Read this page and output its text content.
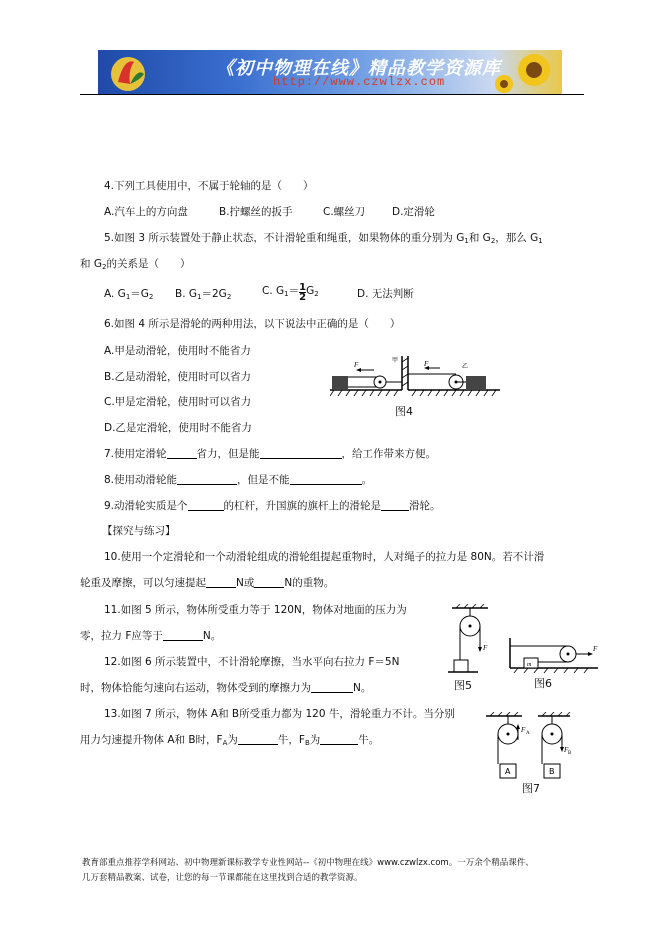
《初中物理在线》精品教学资源库
http://www.czwlzx.com
4.下列工具使用中，不属于轮轴的是（　　）
A.汽车上的方向盘	B.拧螺丝的扳手	C.螺丝刀	D.定滑轮
5.如图 3 所示装置处于静止状态，不计滑轮重和绳重，如果物体的重分别为 $G_1$和 $G_2$，那么 $G_1$
和 $G_2$的关系是（　　）
A. $G_1=G_2$ B. $G_1=2G_2$	C. $G_1= \frac{1}{2} G_2$	D. 无法判断
6.如图 4 所示是滑轮的两种用法，以下说法中正确的是（　　）
A.甲是动滑轮，使用时不能省力
B.乙是动滑轮，使用时可以省力
C.甲是定滑轮，使用时可以省力
D.乙是定滑轮，使用时不能省力
F
甲	F	乙
图4
7.使用定滑轮	省力，但是能	，给工作带来方便。
8.使用动滑轮能	，但是不能	。
9.动滑轮实质是个	的杠杆，升国旗的旗杆上的滑轮是	滑轮。
【探究与练习】
10.使用一个定滑轮和一个动滑轮组成的滑轮组提起重物时，人对绳子的拉力是 80N。若不计滑
轮重及摩擦，可以匀速提起	N或	N的重物。
11.如图 5 所示，物体所受重力等于 120N，物体对地面的压力为
零，拉力 F应等于	N。
12.如图 6 所示装置中，不计滑轮摩擦，当水平向右拉力 F＝5N
时，物体恰能匀速向右运动，物体受到的摩擦力为	N。
F
图5
m
F
图6
13.如图 7 所示，物体 A和 B所受重力都为 120 牛，滑轮重力不计。当分别
用力匀速提升物体 A和 B时，$F_A$为	牛，$F_B$为	牛。
F A
A
F B
B
图7
教育部重点推荐学科网站、初中物理新课标教学专业性网站--《初中物理在线》www.czwlzx.com。一万余个精品课件、
几万套精品教案、试卷，让您的每一节课都能在这里找到合适的教学资源。
